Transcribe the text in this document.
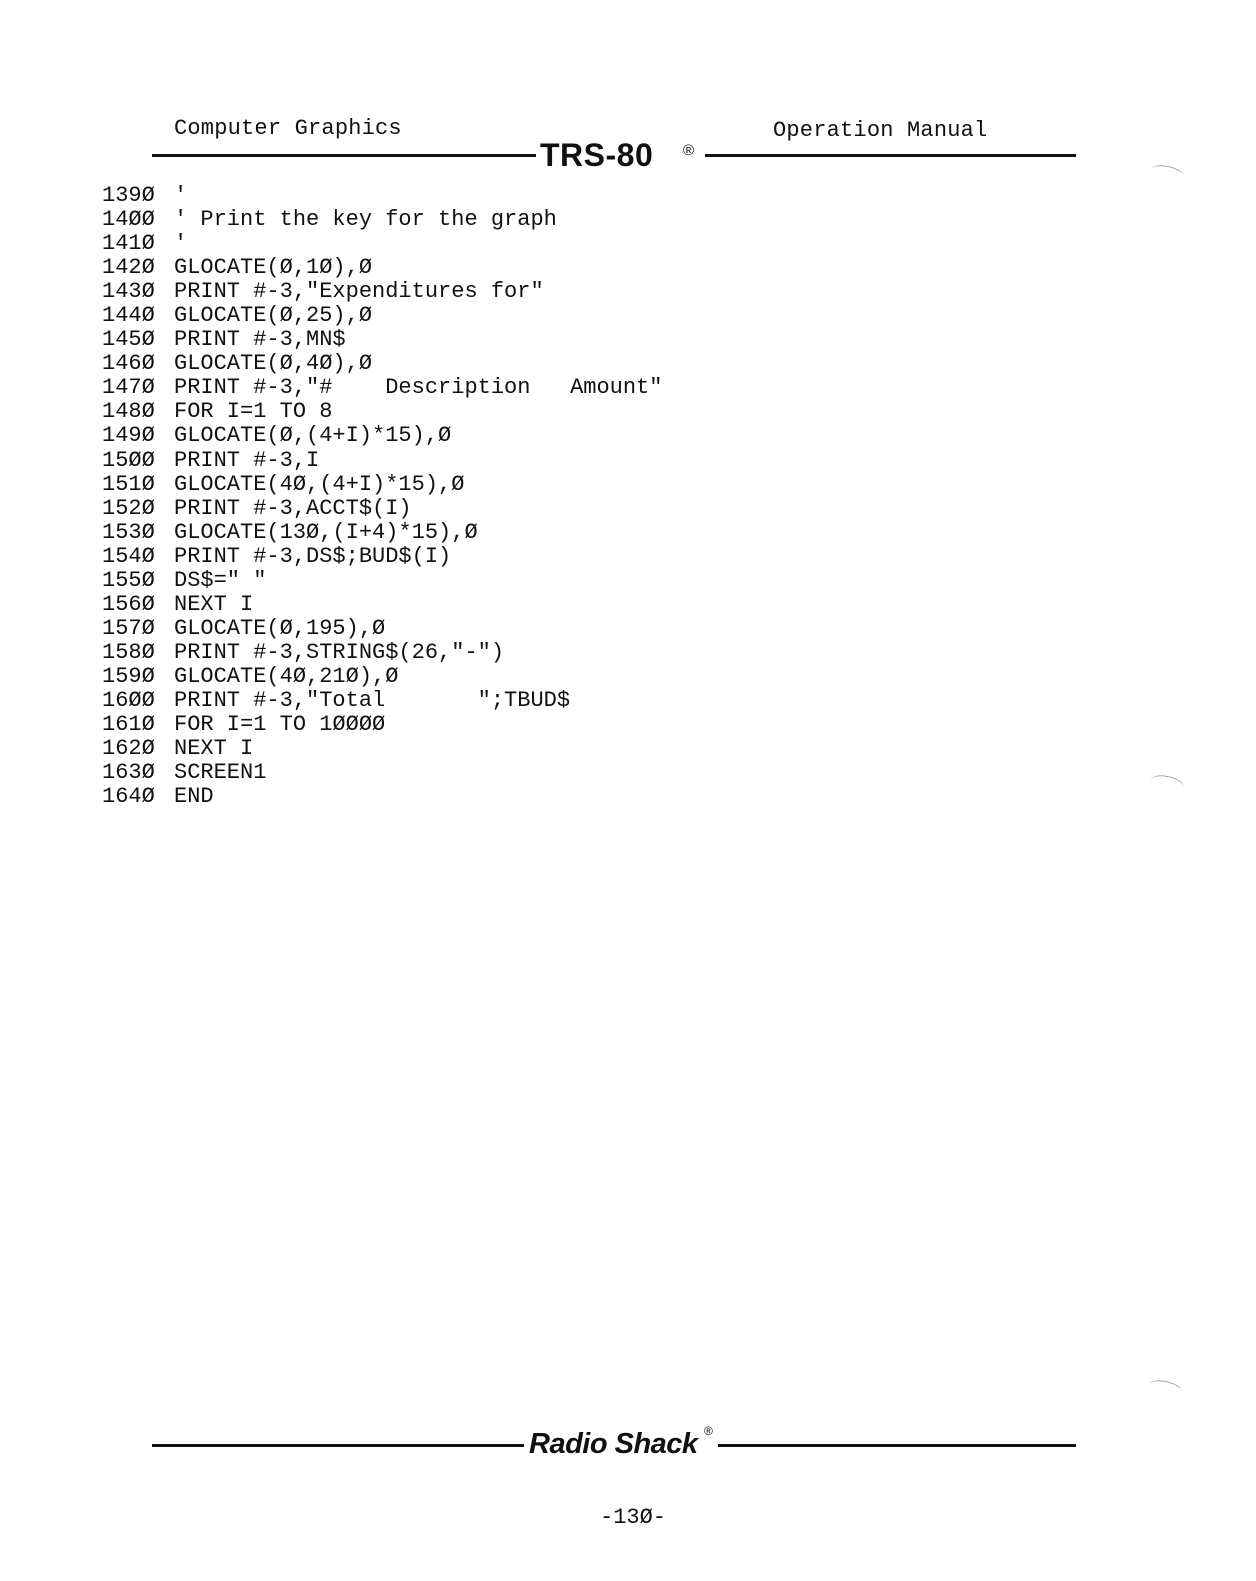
Computer Graphics	Operation Manual
TRS-80 ®
139Ø '
14ØØ ' Print the key for the graph
141Ø '
142Ø GLOCATE(Ø,1Ø),Ø
143Ø PRINT #-3,"Expenditures for"
144Ø GLOCATE(Ø,25),Ø
145Ø PRINT #-3,MN$
146Ø GLOCATE(Ø,4Ø),Ø
147Ø PRINT #-3,"#    Description   Amount"
148Ø FOR I=1 TO 8
149Ø GLOCATE(Ø,(4+I)*15),Ø
15ØØ PRINT #-3,I
151Ø GLOCATE(4Ø,(4+I)*15),Ø
152Ø PRINT #-3,ACCT$(I)
153Ø GLOCATE(13Ø,(I+4)*15),Ø
154Ø PRINT #-3,DS$;BUD$(I)
155Ø DS$=" "
156Ø NEXT I
157Ø GLOCATE(Ø,195),Ø
158Ø PRINT #-3,STRING$(26,"-")
159Ø GLOCATE(4Ø,21Ø),Ø
16ØØ PRINT #-3,"Total       ";TBUD$
161Ø FOR I=1 TO 1ØØØØ
162Ø NEXT I
163Ø SCREEN1
164Ø END
Radio Shack ®
-13Ø-
